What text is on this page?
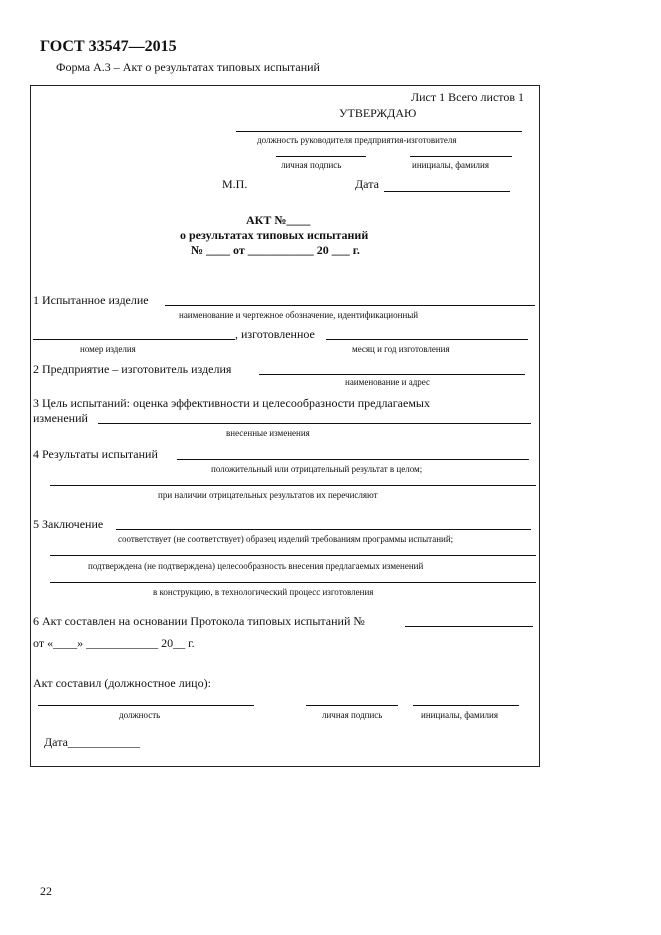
ГОСТ 33547—2015
Форма А.3 – Акт о результатах типовых испытаний
Лист 1 Всего листов 1
УТВЕРЖДАЮ
должность руководителя предприятия-изготовителя
личная подпись	инициалы, фамилия
М.П.	Дата
АКТ №____
о результатах типовых испытаний
№ ____ от ___________ 20 ___ г.
1 Испытанное изделие
наименование и чертежное обозначение, идентификационный
, изготовленное
номер изделия	месяц и год изготовления
2 Предприятие – изготовитель изделия
наименование и адрес
3 Цель испытаний: оценка эффективности и целесообразности предлагаемых
изменений
внесенные изменения
4 Результаты испытаний
положительный или отрицательный результат в целом;
при наличии отрицательных результатов их перечисляют
5 Заключение
соответствует (не соответствует) образец изделий требованиям программы испытаний;
подтверждена (не подтверждена) целесообразность внесения предлагаемых изменений
в конструкцию, в технологический процесс изготовления
6 Акт составлен на основании Протокола типовых испытаний №
от «____» ____________ 20__ г.
Акт составил (должностное лицо):
должность	личная подпись	инициалы, фамилия
Дата____________
22
